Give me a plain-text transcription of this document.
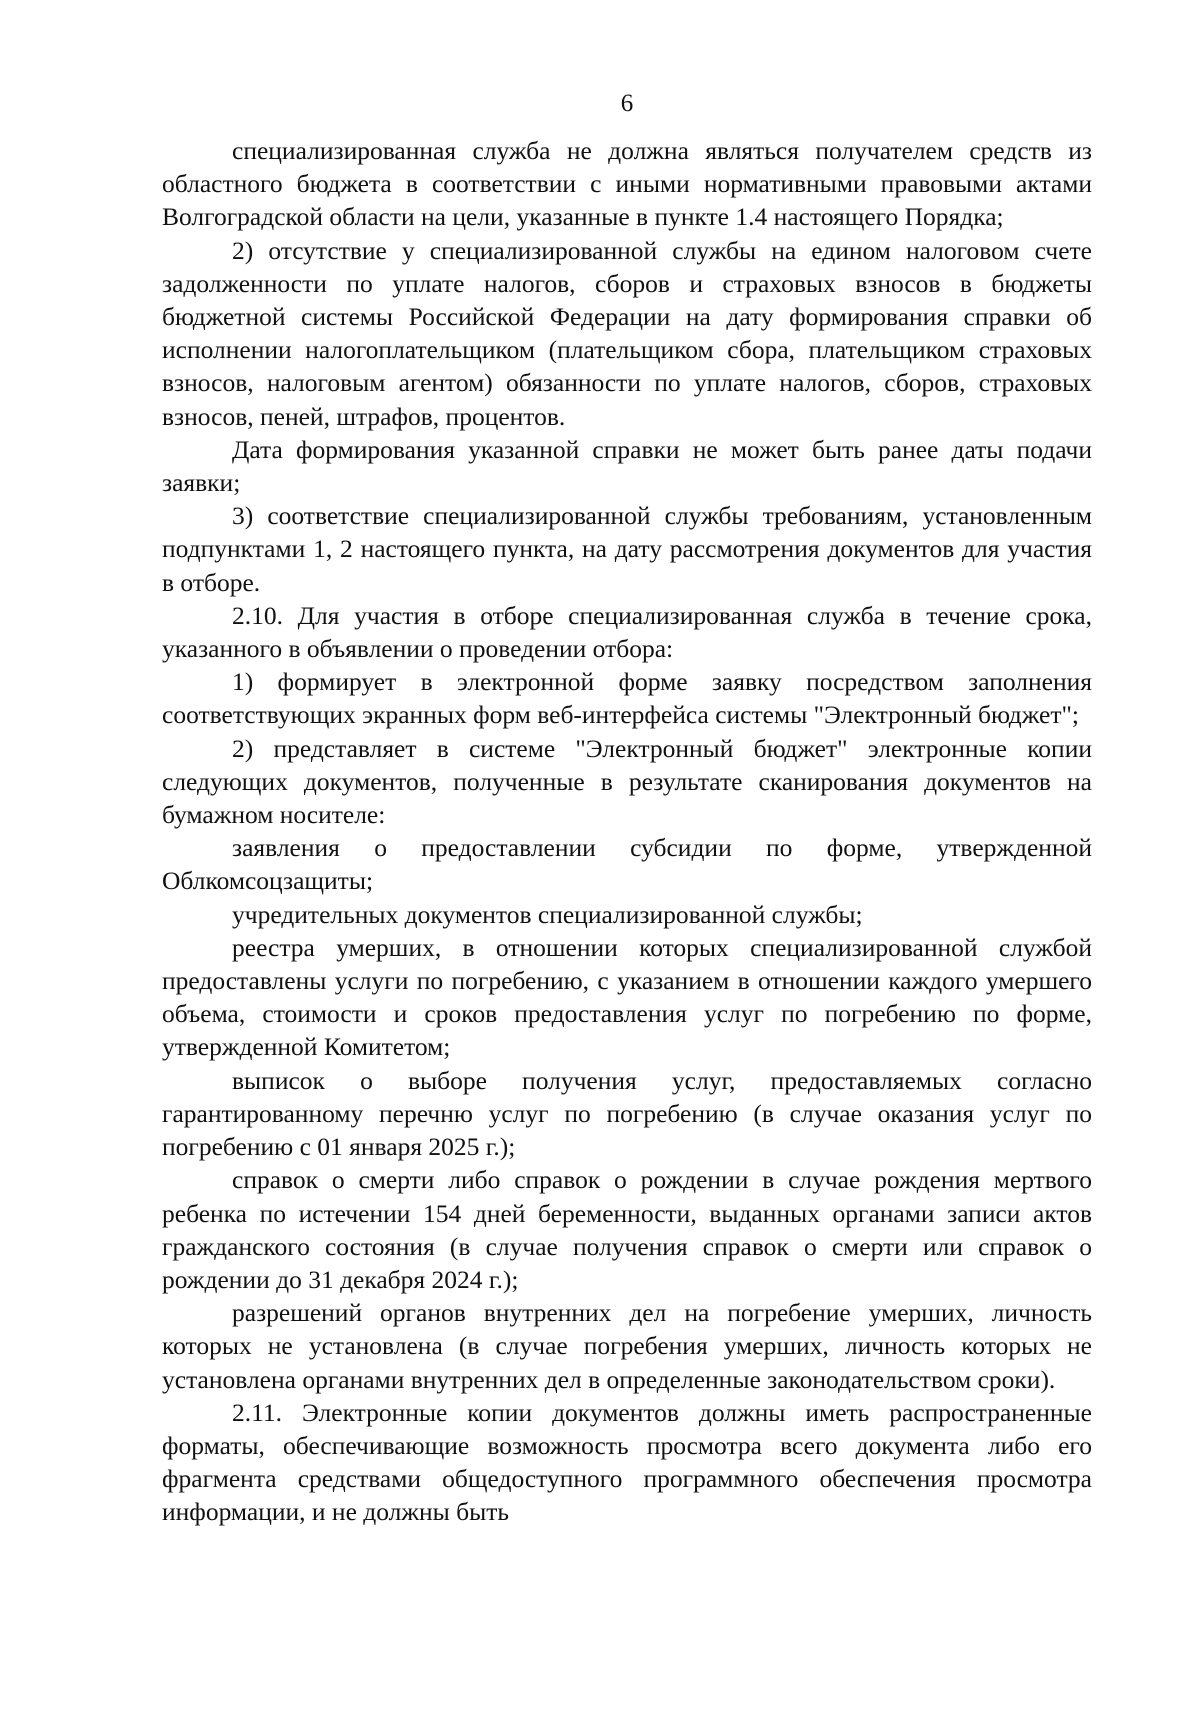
6

специализированная служба не должна являться получателем средств из областного бюджета в соответствии с иными нормативными правовыми актами Волгоградской области на цели, указанные в пункте 1.4 настоящего Порядка;

2) отсутствие у специализированной службы на едином налоговом счете задолженности по уплате налогов, сборов и страховых взносов в бюджеты бюджетной системы Российской Федерации на дату формирования справки об исполнении налогоплательщиком (плательщиком сбора, плательщиком страховых взносов, налоговым агентом) обязанности по уплате налогов, сборов, страховых взносов, пеней, штрафов, процентов.

Дата формирования указанной справки не может быть ранее даты подачи заявки;

3) соответствие специализированной службы требованиям, установленным подпунктами 1, 2 настоящего пункта, на дату рассмотрения документов для участия в отборе.

2.10. Для участия в отборе специализированная служба в течение срока, указанного в объявлении о проведении отбора:

1) формирует в электронной форме заявку посредством заполнения соответствующих экранных форм веб-интерфейса системы "Электронный бюджет";

2) представляет в системе "Электронный бюджет" электронные копии следующих документов, полученные в результате сканирования документов на бумажном носителе:

заявления о предоставлении субсидии по форме, утвержденной Облкомсоцзащиты;

учредительных документов специализированной службы;

реестра умерших, в отношении которых специализированной службой предоставлены услуги по погребению, с указанием в отношении каждого умершего объема, стоимости и сроков предоставления услуг по погребению по форме, утвержденной Комитетом;

выписок о выборе получения услуг, предоставляемых согласно гарантированному перечню услуг по погребению (в случае оказания услуг по погребению с 01 января 2025 г.);

справок о смерти либо справок о рождении в случае рождения мертвого ребенка по истечении 154 дней беременности, выданных органами записи актов гражданского состояния (в случае получения справок о смерти или справок о рождении до 31 декабря 2024 г.);

разрешений органов внутренних дел на погребение умерших, личность которых не установлена (в случае погребения умерших, личность которых не установлена органами внутренних дел в определенные законодательством сроки).

2.11. Электронные копии документов должны иметь распространенные форматы, обеспечивающие возможность просмотра всего документа либо его фрагмента средствами общедоступного программного обеспечения просмотра информации, и не должны быть
